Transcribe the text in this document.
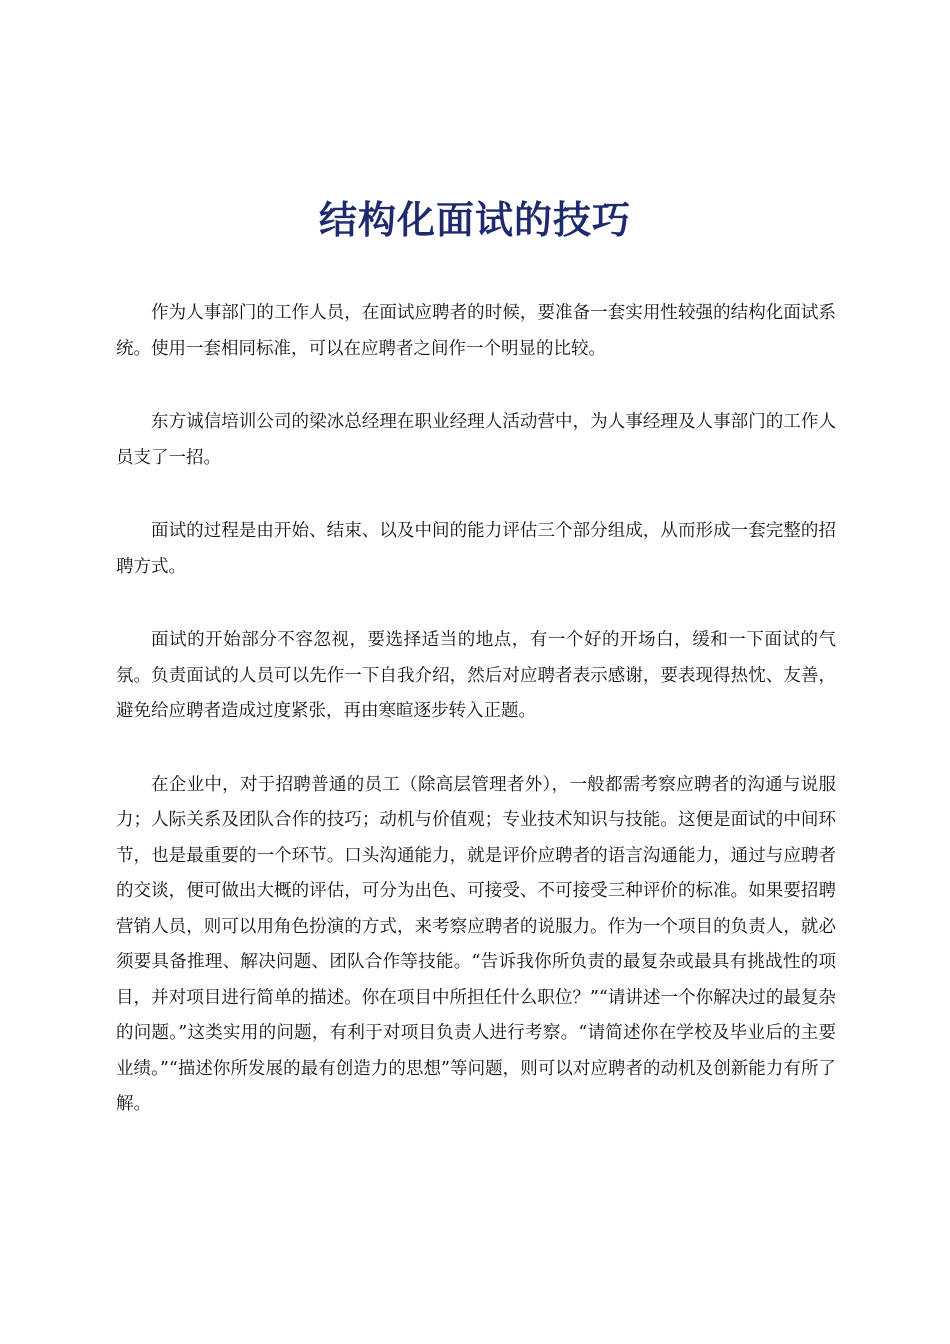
结构化面试的技巧

作为人事部门的工作人员，在面试应聘者的时候，要准备一套实用性较强的结构化面试系统。使用一套相同标准，可以在应聘者之间作一个明显的比较。

东方诚信培训公司的梁冰总经理在职业经理人活动营中，为人事经理及人事部门的工作人员支了一招。

面试的过程是由开始、结束、以及中间的能力评估三个部分组成，从而形成一套完整的招聘方式。

面试的开始部分不容忽视，要选择适当的地点，有一个好的开场白，缓和一下面试的气氛。负责面试的人员可以先作一下自我介绍，然后对应聘者表示感谢，要表现得热忱、友善，避免给应聘者造成过度紧张，再由寒暄逐步转入正题。

在企业中，对于招聘普通的员工（除高层管理者外），一般都需考察应聘者的沟通与说服力；人际关系及团队合作的技巧；动机与价值观；专业技术知识与技能。这便是面试的中间环节，也是最重要的一个环节。口头沟通能力，就是评价应聘者的语言沟通能力，通过与应聘者的交谈，便可做出大概的评估，可分为出色、可接受、不可接受三种评价的标准。如果要招聘营销人员，则可以用角色扮演的方式，来考察应聘者的说服力。作为一个项目的负责人，就必须要具备推理、解决问题、团队合作等技能。“告诉我你所负责的最复杂或最具有挑战性的项目，并对项目进行简单的描述。你在项目中所担任什么职位？”“请讲述一个你解决过的最复杂的问题。”这类实用的问题，有利于对项目负责人进行考察。“请简述你在学校及毕业后的主要业绩。”“描述你所发展的最有创造力的思想”等问题，则可以对应聘者的动机及创新能力有所了解。
